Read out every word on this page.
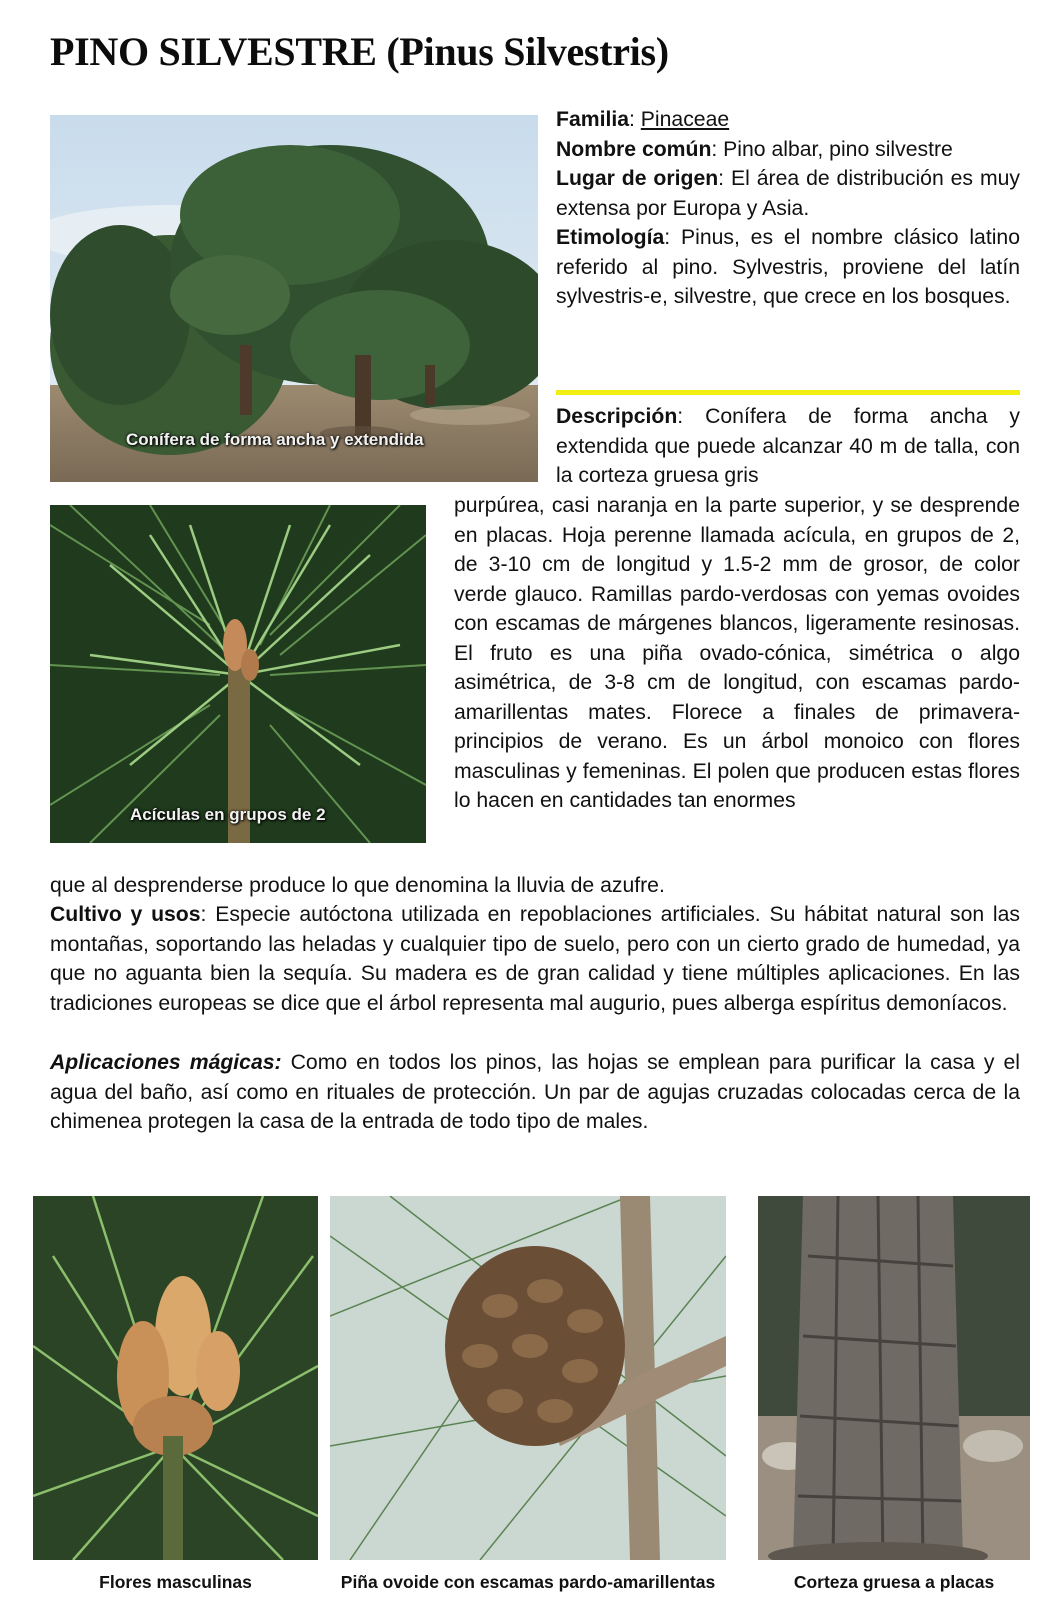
PINO SILVESTRE (Pinus Silvestris)
Conífera de forma ancha y extendida
Acículas en grupos de 2
Familia: Pinaceae
Nombre común: Pino albar, pino silvestre
Lugar de origen: El área de distribución es muy extensa por Europa y Asia.
Etimología: Pinus, es el nombre clásico latino referido al pino. Sylvestris, proviene del latín sylvestris-e, silvestre, que crece en los bosques.
Descripción: Conífera de forma ancha y extendida que puede alcanzar 40 m de talla, con la corteza gruesa gris
purpúrea, casi naranja en la parte superior, y se desprende en placas. Hoja perenne llamada acícula, en grupos de 2, de 3-10 cm de longitud y 1.5-2 mm de grosor, de color verde glauco. Ramillas pardo-verdosas con yemas ovoides con escamas de márgenes blancos, ligeramente resinosas. El fruto es una piña ovado-cónica, simétrica o algo asimétrica, de 3-8 cm de longitud, con escamas pardo-amarillentas mates. Florece a finales de primavera-principios de verano. Es un árbol monoico con flores masculinas y femeninas. El polen que producen estas flores lo hacen en cantidades tan enormes
que al desprenderse produce lo que denomina la lluvia de azufre.
Cultivo y usos: Especie autóctona utilizada en repoblaciones artificiales. Su hábitat natural son las montañas, soportando las heladas y cualquier tipo de suelo, pero con un cierto grado de humedad, ya que no aguanta bien la sequía. Su madera es de gran calidad y tiene múltiples aplicaciones. En las tradiciones europeas se dice que el árbol representa mal augurio, pues alberga espíritus demoníacos.
Aplicaciones mágicas: Como en todos los pinos, las hojas se emplean para purificar la casa y el agua del baño, así como en rituales de protección. Un par de agujas cruzadas colocadas cerca de la chimenea protegen la casa de la entrada de todo tipo de males.
Flores masculinas	Piña ovoide con escamas pardo-amarillentas	Corteza gruesa a placas
